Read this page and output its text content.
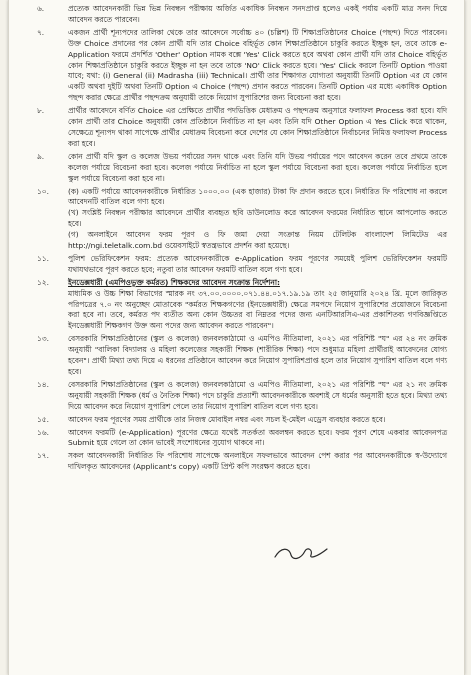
৬.	প্রত্যেক আবেদনকারী ভিন্ন ভিন্ন নিবন্ধন পরীক্ষায় অর্জিত একাধিক নিবন্ধন সনদপ্রাপ্ত হলেও একই পর্যায় একটি মাত্র সনদ দিয়ে আবেদন করতে পারবেন।

৭.	একজন প্রার্থী শূন্যপদের তালিকা থেকে তার আবেদনে সর্বোচ্চ ৪০ (চল্লিশ) টি শিক্ষাপ্রতিষ্ঠানের Choice (পছন্দ) দিতে পারবেন। উক্ত Choice প্রদানের পর কোন প্রার্থী যদি তার Choice বহির্ভূত কোন শিক্ষাপ্রতিষ্ঠানে চাকুরি করতে ইচ্ছুক হন, তবে তাকে e-Application ফরমে প্রদর্শিত 'Other' Option নামক বক্সে 'Yes' Click করতে হবে অথবা কোন প্রার্থী যদি তার Choice বহির্ভূত কোন শিক্ষাপ্রতিষ্ঠানে চাকুরি করতে ইচ্ছুক না হন তবে তাকে 'NO' Click করতে হবে। 'Yes' Click করলে তিনটি Option পাওয়া যাবে; যথা: (i) General (ii) Madrasha (iii) Technical। প্রার্থী তার শিক্ষাগত যোগ্যতা অনুযায়ী তিনটি Option এর যে কোন একটি অথবা দুইটি অথবা তিনটি Option এ Choice (পছন্দ) প্রদান করতে পারবেন। তিনটি Option এর মধ্যে একাধিক Option পছন্দ করার ক্ষেত্রে প্রার্থীর পছন্দক্রম অনুযায়ী তাকে নিয়োগ সুপারিশের জন্য বিবেচনা করা হবে।

৮.	প্রার্থীর আবেদনে বর্ণিত Choice এর প্রেক্ষিতে প্রার্থীর পদভিত্তিক মেধাক্রম ও পছন্দক্রম অনুসারে ফলাফল Process করা হবে। যদি কোন প্রার্থী তার Choice অনুযায়ী কোন প্রতিষ্ঠানে নির্বাচিত না হন এবং তিনি যদি Other Option এ Yes Click করে থাকেন, সেক্ষেত্রে শূন্যপদ থাকা সাপেক্ষে প্রার্থীর মেধাক্রম বিবেচনা করে দেশের যে কোন শিক্ষাপ্রতিষ্ঠানে নির্বাচনের নিমিত্ত ফলাফল Process করা হবে।

৯.	কোন প্রার্থী যদি স্কুল ও কলেজ উভয় পর্যায়ের সনদ থাকে এবং তিনি যদি উভয় পর্যায়ের পদে আবেদন করেন তবে প্রথমে তাকে কলেজ পর্যায়ে বিবেচনা করা হবে। কলেজ পর্যায়ে নির্বাচিত না হলে স্কুল পর্যায়ে বিবেচনা করা হবে। কলেজ পর্যায়ে নির্বাচিত হলে স্কুল পর্যায়ে বিবেচনা করা হবে না।

১০.	(ক) একটি পর্যায়ে আবেদনকারীকে নির্ধারিত ১০০০.০০ (এক হাজার) টাকা ফি প্রদান করতে হবে। নির্ধারিত ফি পরিশোধ না করলে আবেদনটি বাতিল বলে গণ্য হবে।

(খ) সংশ্লিষ্ট নিবন্ধন পরীক্ষার আবেদনে প্রার্থীর ব্যবহৃত ছবি ডাউনলোড করে আবেদন ফরমের নির্ধারিত স্থানে আপলোড করতে হবে।

(গ) অনলাইনে আবেদন ফরম পূরণ ও ফি জমা দেয়া সংক্রান্ত নিয়ম টেলিটক বাংলাদেশ লিমিটেড এর http://ngi.teletalk.com.bd ওয়েবসাইটে স্বতন্ত্রভাবে প্রদর্শন করা হয়েছে।

১১.	পুলিশ ভেরিফিকেশন ফরম: প্রত্যেক আবেদনকারীকে e-Application ফরম পূরণের সময়েই পুলিশ ভেরিফিকেশন ফরমটি যথাযথভাবে পূরণ করতে হবে; নতুবা তার আবেদন ফরমটি বাতিল বলে গণ্য হবে।

১২.	ইনডেক্সধারী (এমপিওভুক্ত কর্মরত) শিক্ষকদের আবেদন সংক্রান্ত নির্দেশনা:

মাধ্যমিক ও উচ্চ শিক্ষা বিভাগের স্মারক নং ৩৭.০০.০০০০.০৭১.৪৪.০১৭.১৯.১৯ তাং ২৫ জানুয়ারি ২০২৪ খ্রি. মূলে জারিকৃত পরিপত্রের ৭.০ নং অনুচ্ছেদ মোতাবেক "কর্মরত শিক্ষকগণের (ইনডেক্সধারী) ক্ষেত্রে সমপদে নিয়োগ সুপারিশের প্রয়োজনে বিবেচনা করা হবে না। তবে, কর্মরত পদ ব্যতীত অন্য কোন উচ্চতর বা নিম্নতর পদের জন্য এনটিআরসিএ-এর প্রকাশিতব্য গণবিজ্ঞপ্তিতে ইনডেক্সধারী শিক্ষকগণ উক্ত অন্য পদের জন্য আবেদন করতে পারবেন"।

১৩.	বেসরকারি শিক্ষাপ্রতিষ্ঠানের (স্কুল ও কলেজ) জনবলকাঠামো ও এমপিও নীতিমালা, ২০২১ এর পরিশিষ্ট "ঘ" এর ২৪ নং ক্রমিক অনুযায়ী "বালিকা বিদ্যালয় ও মহিলা কলেজের সহকারী শিক্ষক (শারীরিক শিক্ষা) পদে শুধুমাত্র মহিলা প্রার্থীরাই আবেদনের যোগ্য হবেন"। প্রার্থী মিথ্যা তথ্য দিয়ে এ ধরনের প্রতিষ্ঠানে আবেদন করে নিয়োগ সুপারিশপ্রাপ্ত হলে তার নিয়োগ সুপারিশ বাতিল বলে গণ্য হবে।

১৪.	বেসরকারি শিক্ষাপ্রতিষ্ঠানের (স্কুল ও কলেজ) জনবলকাঠামো ও এমপিও নীতিমালা, ২০২১ এর পরিশিষ্ট "ঘ" এর ২১ নং ক্রমিক অনুযায়ী সহকারী শিক্ষক (ধর্ম ও নৈতিক শিক্ষা) পদে চাকুরি প্রত্যাশী আবেদনকারীকে অবশ্যই সে ধর্মের অনুসারী হতে হবে। মিথ্যা তথ্য দিয়ে আবেদন করে নিয়োগ সুপারিশ পেলে তার নিয়োগ সুপারিশ বাতিল বলে গণ্য হবে।

১৫.	আবেদন ফরম পূরণের সময় প্রার্থীকে তার নিজস্ব মোবাইল নম্বর এবং সচল ই-মেইল এড্রেস ব্যবহার করতে হবে।

১৬.	আবেদন ফরমটি (e-Application) পূরণের ক্ষেত্রে যথেষ্ট সতর্কতা অবলম্বন করতে হবে। ফরম পূরণ শেষে একবার আবেদনপত্র Submit হয়ে গেলে তা কোন ভাবেই সংশোধনের সুযোগ থাকবে না।

১৭.	সকল আবেদনকারী নির্ধারিত ফি পরিশোধ সাপেক্ষে অনলাইনে সফলভাবে আবেদন পেশ করার পর আবেদনকারীকে স্ব-উদ্যোগে দাখিলকৃত আবেদনের (Applicant's copy) একটি প্রিন্ট কপি সংরক্ষণ করতে হবে।
